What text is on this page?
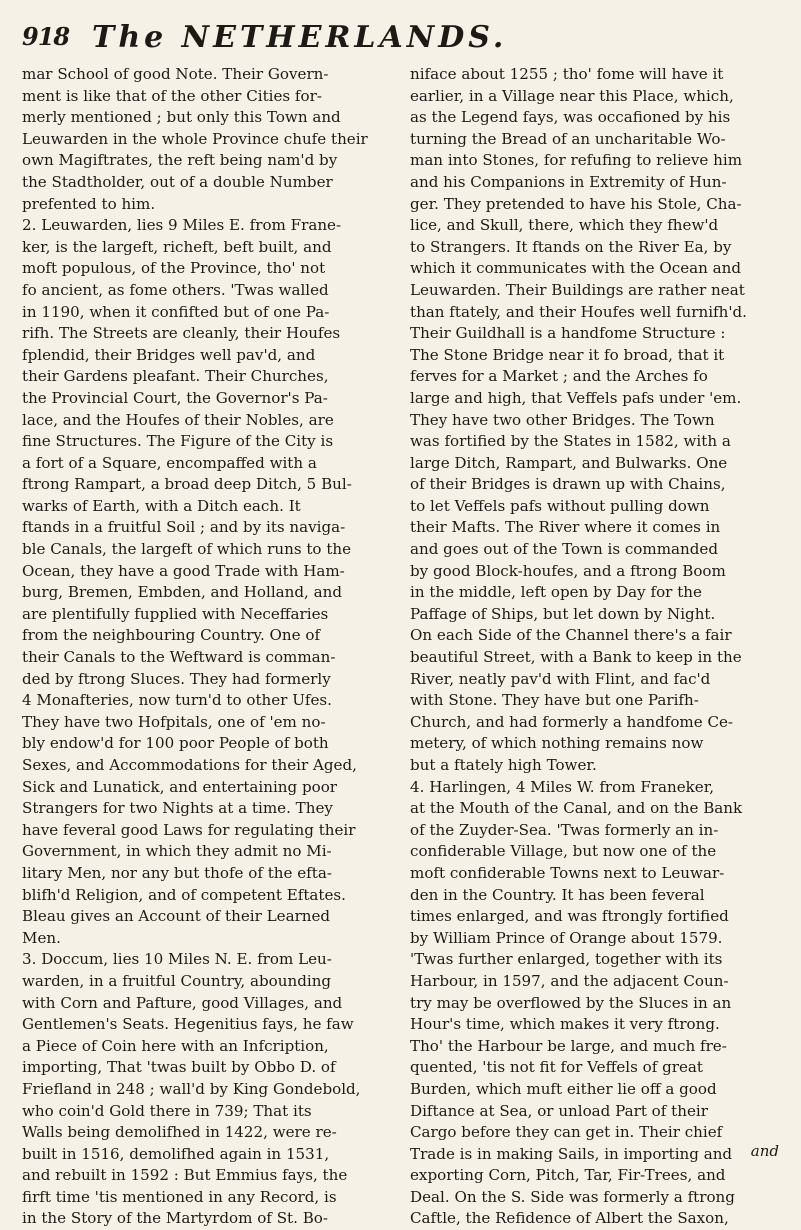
918 The NETHERLANDS.

mar School of good Note. Their Govern-
ment is like that of the other Cities for-
merly mentioned ; but only this Town and
Leuwarden in the whole Province chufe their
own Magiftrates, the reft being nam'd by
the Stadtholder, out of a double Number
prefented to him.
2. Leuwarden, lies 9 Miles E. from Frane-
ker, is the largeft, richeft, beft built, and
moft populous, of the Province, tho' not
fo ancient, as fome others. 'Twas walled
in 1190, when it confifted but of one Pa-
rifh. The Streets are cleanly, their Houfes
fplendid, their Bridges well pav'd, and
their Gardens pleafant. Their Churches,
the Provincial Court, the Governor's Pa-
lace, and the Houfes of their Nobles, are
fine Structures. The Figure of the City is
a fort of a Square, encompaffed with a
ftrong Rampart, a broad deep Ditch, 5 Bul-
warks of Earth, with a Ditch each. It
ftands in a fruitful Soil ; and by its naviga-
ble Canals, the largeft of which runs to the
Ocean, they have a good Trade with Ham-
burg, Bremen, Embden, and Holland, and
are plentifully fupplied with Neceffaries
from the neighbouring Country. One of
their Canals to the Weftward is comman-
ded by ftrong Sluces. They had formerly
4 Monafteries, now turn'd to other Ufes.
They have two Hofpitals, one of 'em no-
bly endow'd for 100 poor People of both
Sexes, and Accommodations for their Aged,
Sick and Lunatick, and entertaining poor
Strangers for two Nights at a time. They
have feveral good Laws for regulating their
Government, in which they admit no Mi-
litary Men, nor any but thofe of the efta-
blifh'd Religion, and of competent Eftates.
Bleau gives an Account of their Learned
Men.
3. Doccum, lies 10 Miles N. E. from Leu-
warden, in a fruitful Country, abounding
with Corn and Pafture, good Villages, and
Gentlemen's Seats. Hegenitius fays, he faw
a Piece of Coin here with an Infcription,
importing, That 'twas built by Obbo D. of
Friefland in 248 ; wall'd by King Gondebold,
who coin'd Gold there in 739; That its
Walls being demolifhed in 1422, were re-
built in 1516, demolifhed again in 1531,
and rebuilt in 1592 : But Emmius fays, the
firft time 'tis mentioned in any Record, is
in the Story of the Martyrdom of St. Bo-

niface about 1255 ; tho' fome will have it
earlier, in a Village near this Place, which,
as the Legend fays, was occafioned by his
turning the Bread of an uncharitable Wo-
man into Stones, for refufing to relieve him
and his Companions in Extremity of Hun-
ger. They pretended to have his Stole, Cha-
lice, and Skull, there, which they fhew'd
to Strangers. It ftands on the River Ea, by
which it communicates with the Ocean and
Leuwarden. Their Buildings are rather neat
than ftately, and their Houfes well furnifh'd.
Their Guildhall is a handfome Structure :
The Stone Bridge near it fo broad, that it
ferves for a Market ; and the Arches fo
large and high, that Veffels pafs under 'em.
They have two other Bridges. The Town
was fortified by the States in 1582, with a
large Ditch, Rampart, and Bulwarks. One
of their Bridges is drawn up with Chains,
to let Veffels pafs without pulling down
their Mafts. The River where it comes in
and goes out of the Town is commanded
by good Block-houfes, and a ftrong Boom
in the middle, left open by Day for the
Paffage of Ships, but let down by Night.
On each Side of the Channel there's a fair
beautiful Street, with a Bank to keep in the
River, neatly pav'd with Flint, and fac'd
with Stone. They have but one Parifh-
Church, and had formerly a handfome Ce-
metery, of which nothing remains now
but a ftately high Tower.
4. Harlingen, 4 Miles W. from Franeker,
at the Mouth of the Canal, and on the Bank
of the Zuyder-Sea. 'Twas formerly an in-
confiderable Village, but now one of the
moft confiderable Towns next to Leuwar-
den in the Country. It has been feveral
times enlarged, and was ftrongly fortified
by William Prince of Orange about 1579.
'Twas further enlarged, together with its
Harbour, in 1597, and the adjacent Coun-
try may be overflowed by the Sluces in an
Hour's time, which makes it very ftrong.
Tho' the Harbour be large, and much fre-
quented, 'tis not fit for Veffels of great
Burden, which muft either lie off a good
Diftance at Sea, or unload Part of their
Cargo before they can get in. Their chief
Trade is in making Sails, in importing and
exporting Corn, Pitch, Tar, Fir-Trees, and
Deal. On the S. Side was formerly a ftrong
Caftle, the Refidence of Albert the Saxon,

and
